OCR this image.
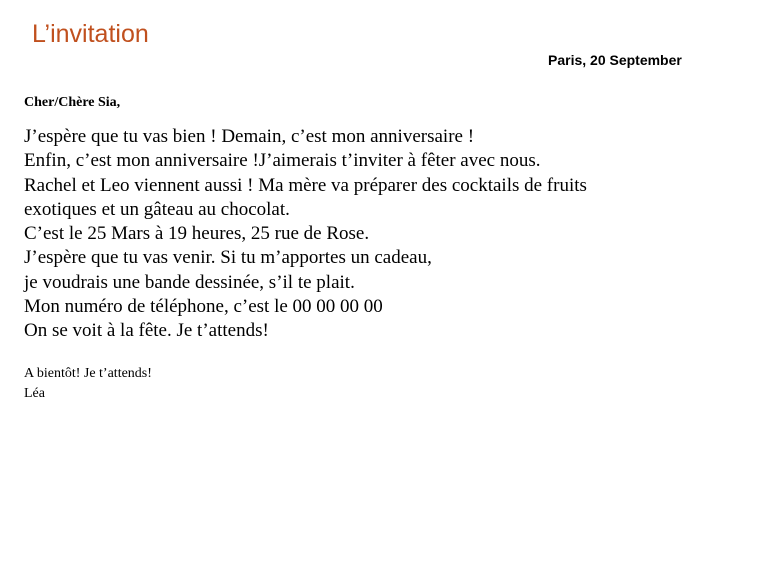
L’invitation
Paris, 20 September
Cher/Chère Sia,
J’espère que tu vas bien ! Demain, c’est mon anniversaire !
Enfin, c’est mon anniversaire !J’aimerais t’inviter à fêter avec nous.
Rachel et Leo viennent aussi ! Ma mère va préparer des cocktails de fruits
exotiques et un gâteau au chocolat.
C’est le 25 Mars à 19 heures, 25 rue de Rose.
J’espère que tu vas venir. Si tu m’apportes un cadeau,
je voudrais une bande dessinée, s’il te plait.
Mon numéro de téléphone, c’est le 00 00 00 00
On se voit à la fête. Je t’attends!
A bientôt! Je t’attends!
Léa
